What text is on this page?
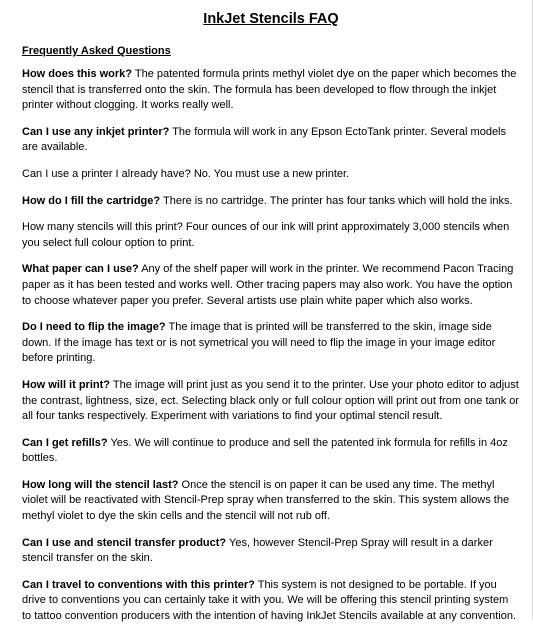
InkJet Stencils FAQ
Frequently Asked Questions

How does this work? The patented formula prints methyl violet dye on the paper which becomes the stencil that is transferred onto the skin. The formula has been developed to flow through the inkjet printer without clogging. It works really well.

Can I use any inkjet printer? The formula will work in any Epson EctoTank printer. Several models are available.

Can I use a printer I already have? No. You must use a new printer.

How do I fill the cartridge? There is no cartridge. The printer has four tanks which will hold the inks.

How many stencils will this print? Four ounces of our ink will print approximately 3,000 stencils when you select full colour option to print.

What paper can I use? Any of the shelf paper will work in the printer. We recommend Pacon Tracing paper as it has been tested and works well. Other tracing papers may also work. You have the option to choose whatever paper you prefer. Several artists use plain white paper which also works.

Do I need to flip the image? The image that is printed will be transferred to the skin, image side down. If the image has text or is not symetrical you will need to flip the image in your image editor before printing.

How will it print? The image will print just as you send it to the printer. Use your photo editor to adjust the contrast, lightness, size, ect. Selecting black only or full colour option will print out from one tank or all four tanks respectively. Experiment with variations to find your optimal stencil result.

Can I get refills? Yes. We will continue to produce and sell the patented ink formula for refills in 4oz bottles.

How long will the stencil last? Once the stencil is on paper it can be used any time. The methyl violet will be reactivated with Stencil-Prep spray when transferred to the skin. This system allows the methyl violet to dye the skin cells and the stencil will not rub off.

Can I use and stencil transfer product? Yes, however Stencil-Prep Spray will result in a darker stencil transfer on the skin.

Can I travel to conventions with this printer? This system is not designed to be portable. If you drive to conventions you can certainly take it with you. We will be offering this stencil printing system to tattoo convention producers with the intention of having InkJet Stencils available at any convention.
